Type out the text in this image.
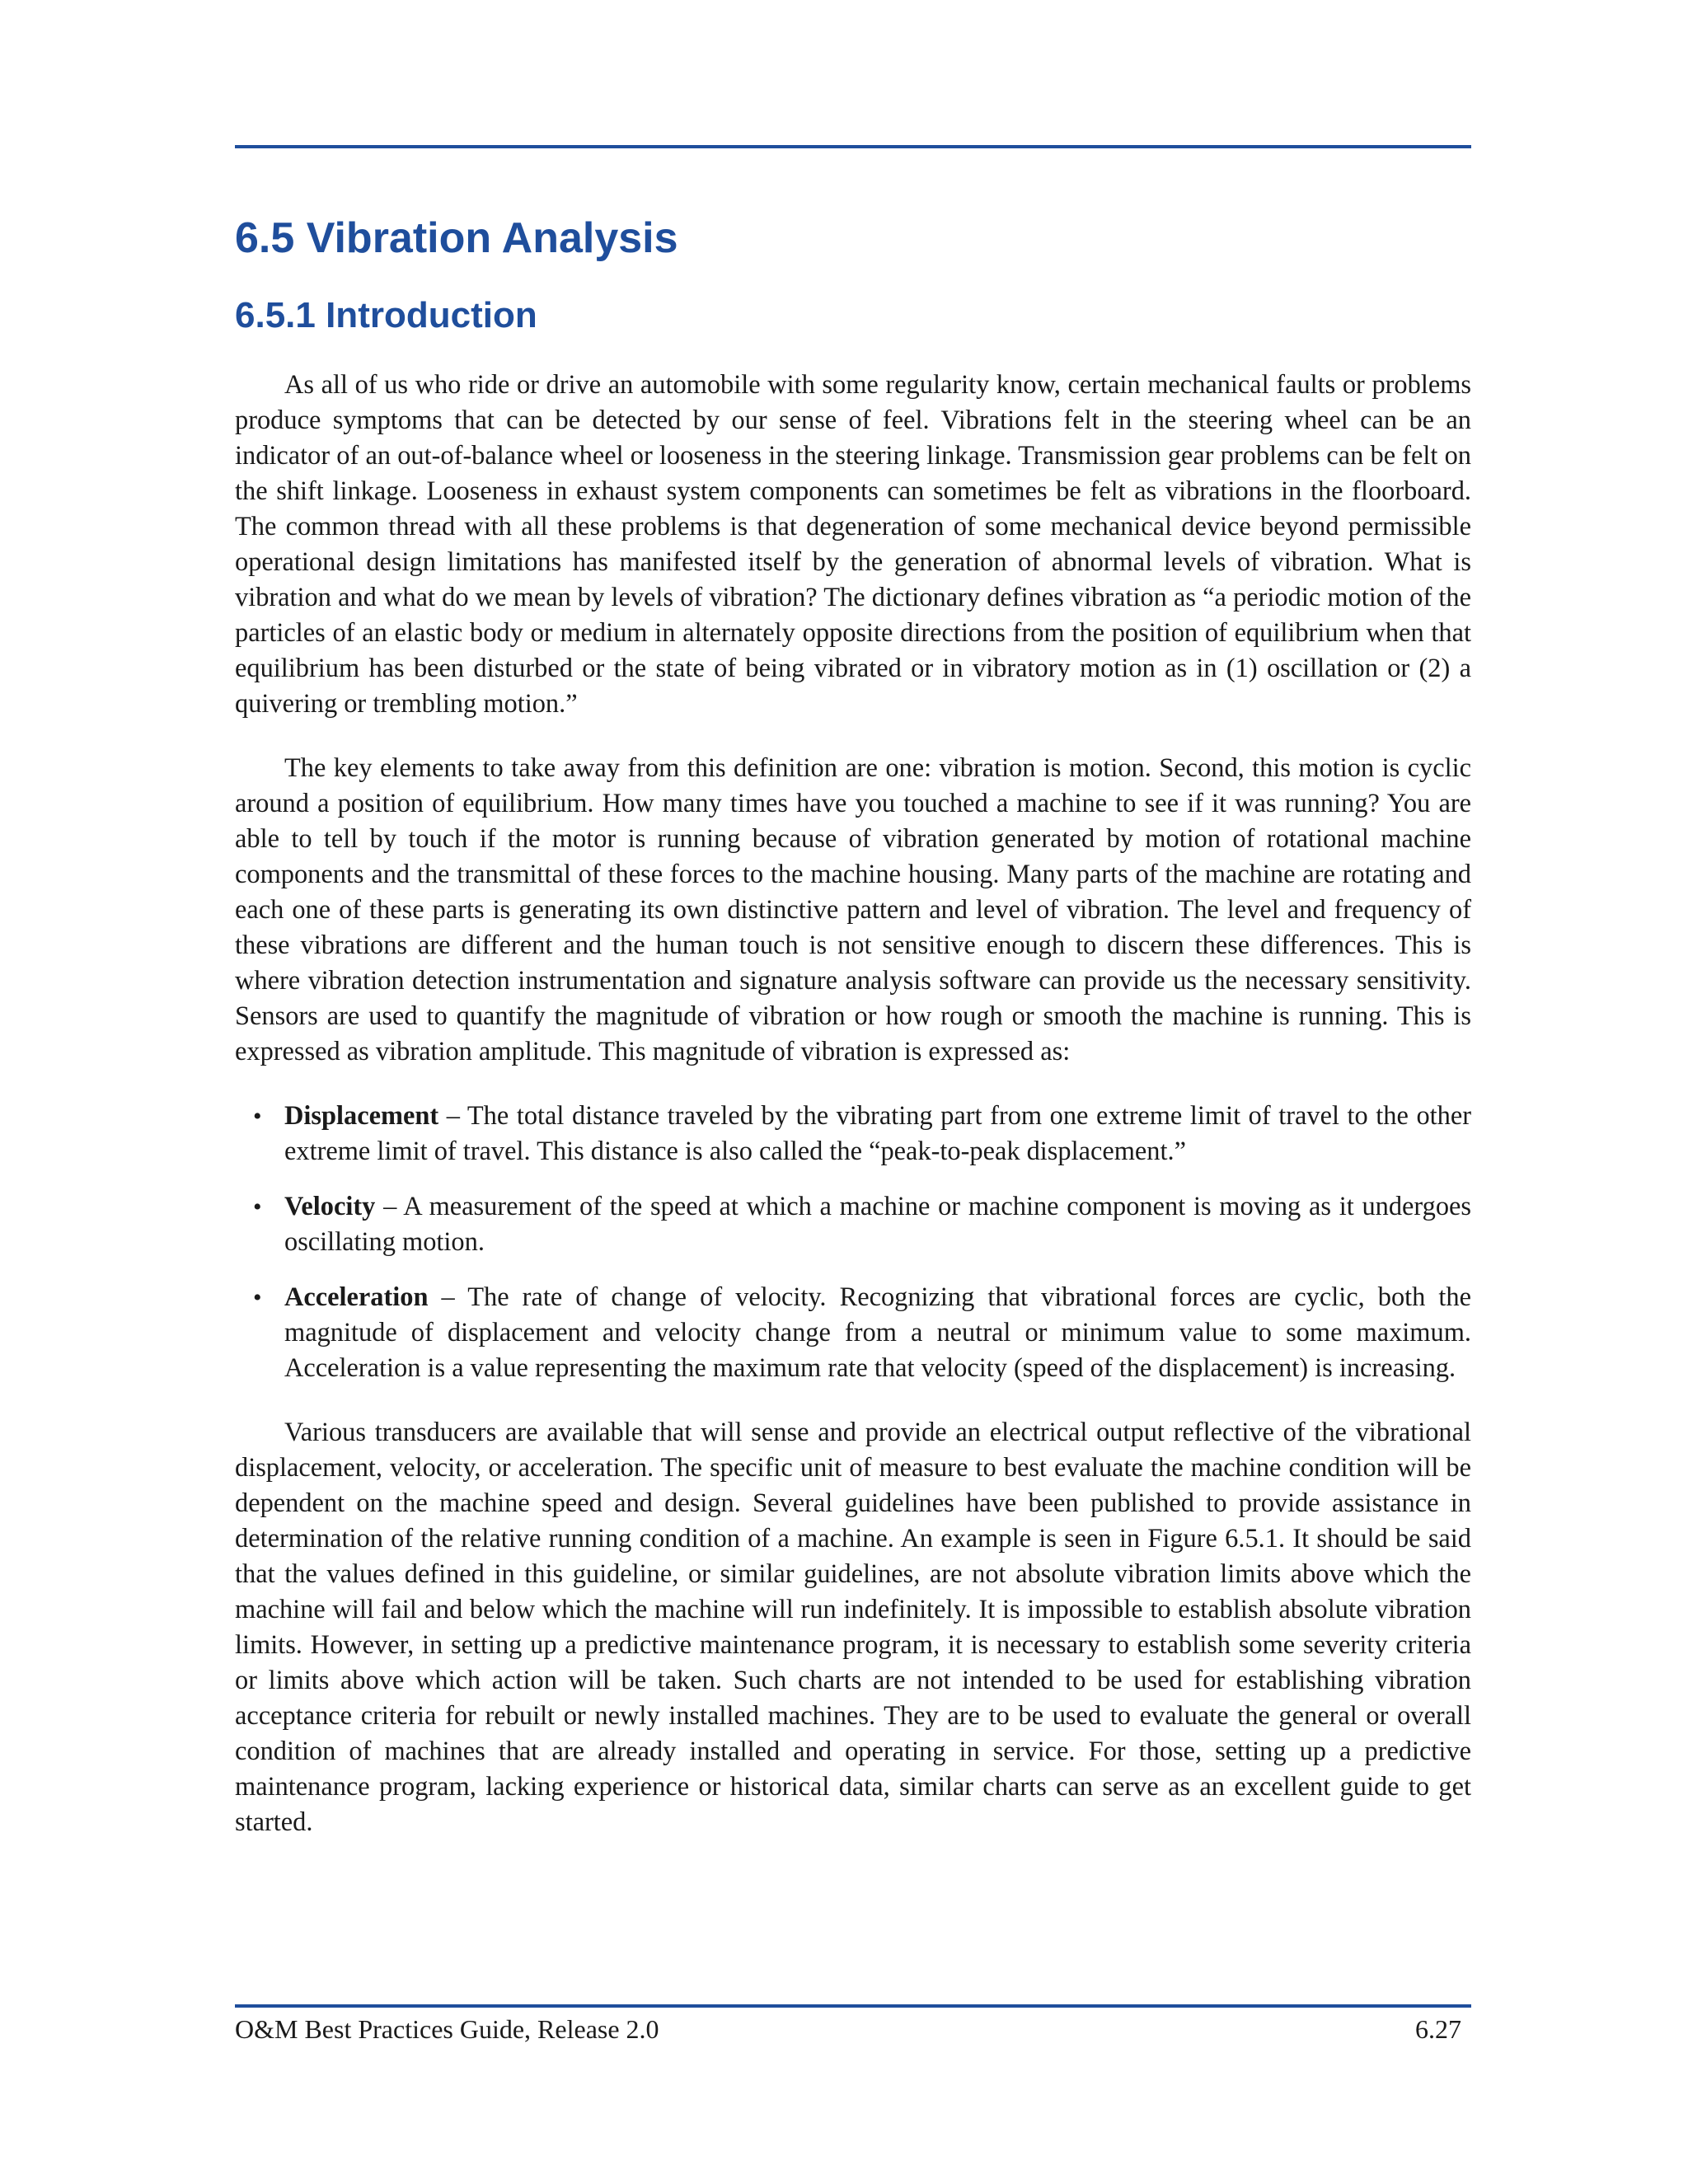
6.5 Vibration Analysis
6.5.1 Introduction

As all of us who ride or drive an automobile with some regularity know, certain mechanical faults or problems produce symptoms that can be detected by our sense of feel. Vibrations felt in the steering wheel can be an indicator of an out-of-balance wheel or looseness in the steering linkage. Transmission gear problems can be felt on the shift linkage. Looseness in exhaust system components can sometimes be felt as vibrations in the floorboard. The common thread with all these problems is that degeneration of some mechanical device beyond permissible operational design limitations has manifested itself by the generation of abnormal levels of vibration. What is vibration and what do we mean by levels of vibration? The dictionary defines vibration as “a periodic motion of the particles of an elastic body or medium in alternately opposite directions from the position of equilibrium when that equilibrium has been disturbed or the state of being vibrated or in vibratory motion as in (1) oscillation or (2) a quivering or trembling motion.”

The key elements to take away from this definition are one: vibration is motion. Second, this motion is cyclic around a position of equilibrium. How many times have you touched a machine to see if it was running? You are able to tell by touch if the motor is running because of vibration generated by motion of rotational machine components and the transmittal of these forces to the machine housing. Many parts of the machine are rotating and each one of these parts is generating its own distinctive pattern and level of vibration. The level and frequency of these vibrations are different and the human touch is not sensitive enough to discern these differences. This is where vibration detection instrumentation and signature analysis software can provide us the necessary sensitivity. Sensors are used to quantify the magnitude of vibration or how rough or smooth the machine is running. This is expressed as vibration amplitude. This magnitude of vibration is expressed as:

• Displacement – The total distance traveled by the vibrating part from one extreme limit of travel to the other extreme limit of travel. This distance is also called the “peak-to-peak displacement.”
• Velocity – A measurement of the speed at which a machine or machine component is moving as it undergoes oscillating motion.
• Acceleration – The rate of change of velocity. Recognizing that vibrational forces are cyclic, both the magnitude of displacement and velocity change from a neutral or minimum value to some maximum. Acceleration is a value representing the maximum rate that velocity (speed of the displacement) is increasing.

Various transducers are available that will sense and provide an electrical output reflective of the vibrational displacement, velocity, or acceleration. The specific unit of measure to best evaluate the machine condition will be dependent on the machine speed and design. Several guidelines have been published to provide assistance in determination of the relative running condition of a machine. An example is seen in Figure 6.5.1. It should be said that the values defined in this guideline, or similar guidelines, are not absolute vibration limits above which the machine will fail and below which the machine will run indefinitely. It is impossible to establish absolute vibration limits. However, in setting up a predictive maintenance program, it is necessary to establish some severity criteria or limits above which action will be taken. Such charts are not intended to be used for establishing vibration acceptance criteria for rebuilt or newly installed machines. They are to be used to evaluate the general or overall condition of machines that are already installed and operating in service. For those, setting up a predictive maintenance program, lacking experience or historical data, similar charts can serve as an excellent guide to get started.

O&M Best Practices Guide, Release 2.0	6.27
